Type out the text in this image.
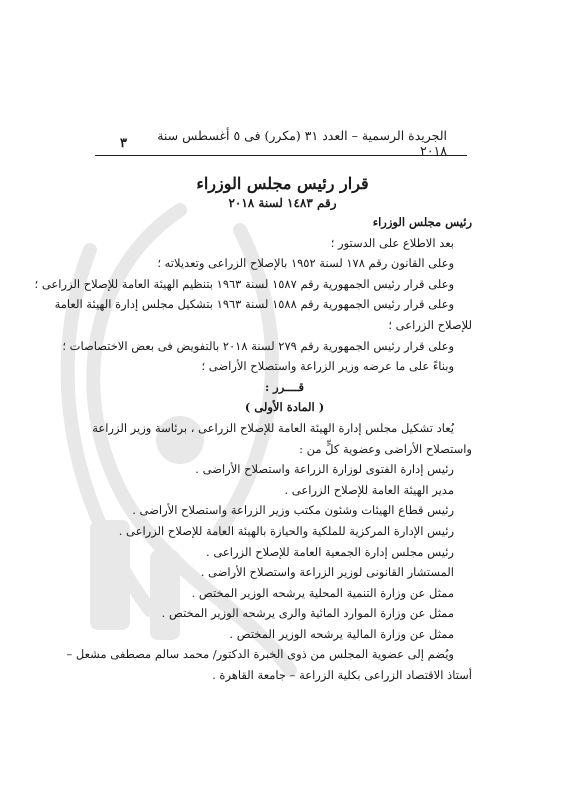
الجريدة الرسمية – العدد ٣١ (مكرر) فى ٥ أغسطس سنة ٢٠١٨
٣
قرار رئيس مجلس الوزراء
رقم ١٤٨٣ لسنة ٢٠١٨

رئيس مجلس الوزراء

بعد الاطلاع على الدستور ؛

وعلى القانون رقم ١٧٨ لسنة ١٩٥٢ بالإصلاح الزراعى وتعديلاته ؛

وعلى قرار رئيس الجمهورية رقم ١٥٨٧ لسنة ١٩٦٣ بتنظيم الهيئة العامة للإصلاح الزراعى ؛

وعلى قرار رئيس الجمهورية رقم ١٥٨٨ لسنة ١٩٦٣ بتشكيل مجلس إدارة الهيئة العامة

للإصلاح الزراعى ؛

وعلى قرار رئيس الجمهورية رقم ٢٧٩ لسنة ٢٠١٨ بالتفويض فى بعض الاختصاصات ؛

وبناءً على ما عرضه وزير الزراعة واستصلاح الأراضى ؛

قــــرر :

( المادة الأولى )

يُعاد تشكيل مجلس إدارة الهيئة العامة للإصلاح الزراعى ، برئاسة وزير الزراعة

واستصلاح الأراضى وعضوية كلٍّ من :

رئيس إدارة الفتوى لوزارة الزراعة واستصلاح الأراضى .

مدير الهيئة العامة للإصلاح الزراعى .

رئيس قطاع الهيئات وشئون مكتب وزير الزراعة واستصلاح الأراضى .

رئيس الإدارة المركزية للملكية والحيازة بالهيئة العامة للإصلاح الزراعى .

رئيس مجلس إدارة الجمعية العامة للإصلاح الزراعى .

المستشار القانونى لوزير الزراعة واستصلاح الأراضى .

ممثل عن وزارة التنمية المحلية يرشحه الوزير المختص .

ممثل عن وزارة الموارد المائية والرى يرشحه الوزير المختص .

ممثل عن وزارة المالية يرشحه الوزير المختص .

ويُضم إلى عضوية المجلس من ذوى الخبرة الدكتور/ محمد سالم مصطفى مشعل –

أستاذ الاقتصاد الزراعى بكلية الزراعة – جامعة القاهرة .
